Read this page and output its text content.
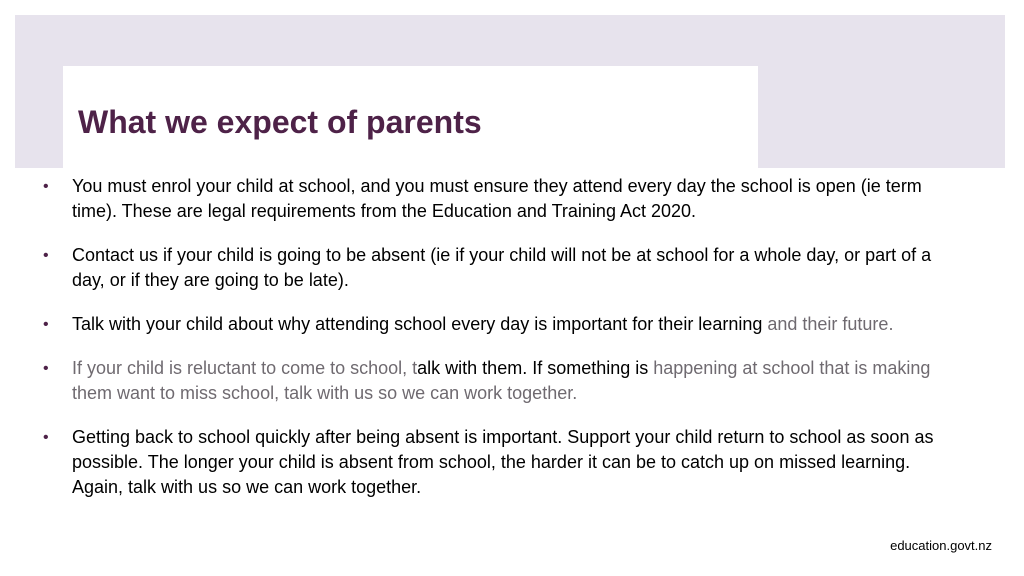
What we expect of parents
• You must enrol your child at school, and you must ensure they attend every day the school is open (ie term time). These are legal requirements from the Education and Training Act 2020.
• Contact us if your child is going to be absent (ie if your child will not be at school for a whole day, or part of a day, or if they are going to be late).
• Talk with your child about why attending school every day is important for their learning and their future.
• If your child is reluctant to come to school, talk with them. If something is happening at school that is making them want to miss school, talk with us so we can work together.
• Getting back to school quickly after being absent is important. Support your child return to school as soon as possible. The longer your child is absent from school, the harder it can be to catch up on missed learning. Again, talk with us so we can work together.
education.govt.nz
